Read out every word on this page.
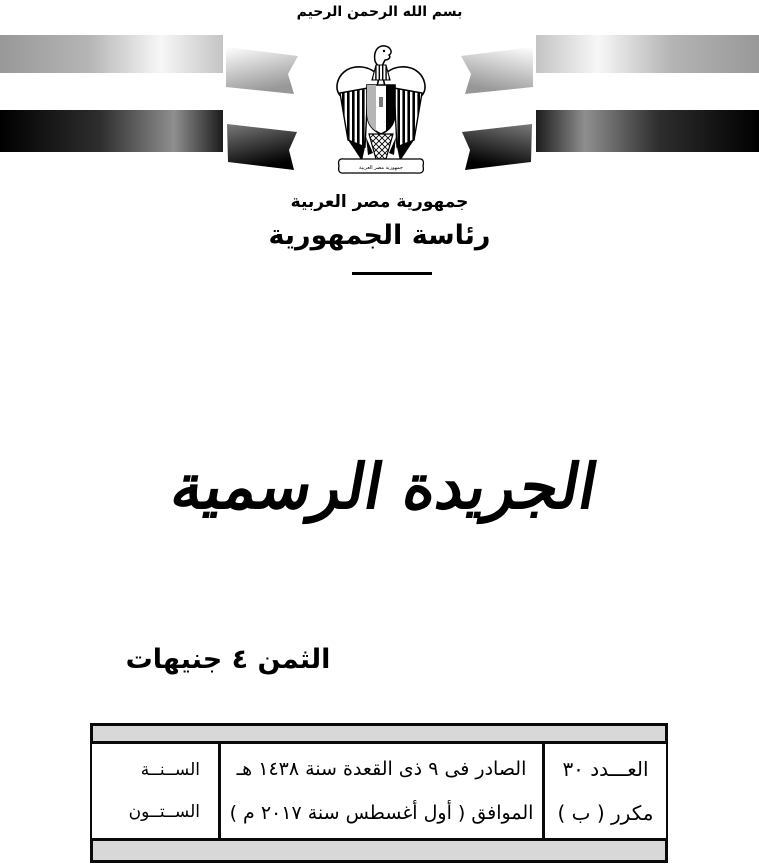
بسم الله الرحمن الرحيم
جمهورية مصر العربية
جمهورية مصر العربية
رئاسة الجمهورية
الجريدة الرسمية
الثمن ٤ جنيهات
الســنــة
الســتــون
الصادر فى ٩ ذى القعدة سنة ١٤٣٨ هـ
الموافق ( أول أغسطس سنة ٢٠١٧ م )
العـــدد ٣٠
مكرر ( ب )
